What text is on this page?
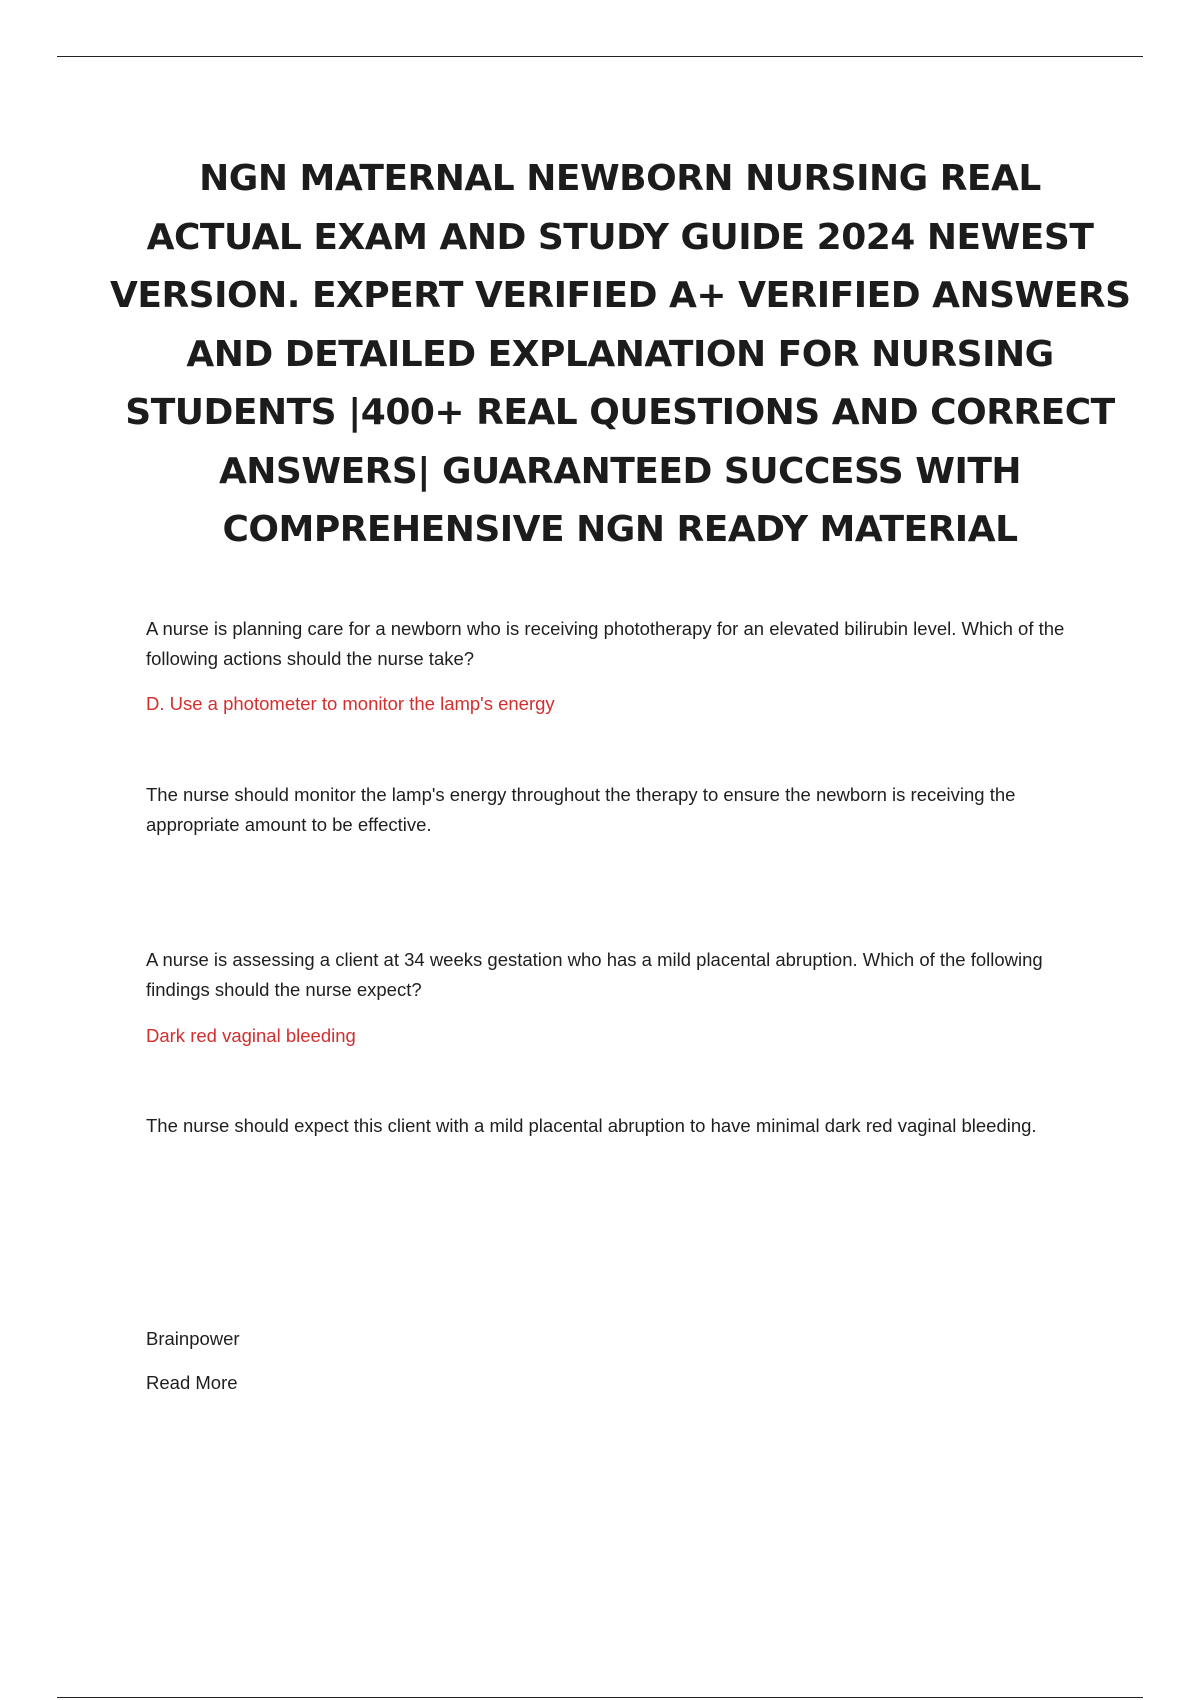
NGN MATERNAL NEWBORN NURSING REAL
ACTUAL EXAM AND STUDY GUIDE 2024 NEWEST
VERSION. EXPERT VERIFIED A+ VERIFIED ANSWERS
AND DETAILED EXPLANATION FOR NURSING
STUDENTS |400+ REAL QUESTIONS AND CORRECT
ANSWERS| GUARANTEED SUCCESS WITH
COMPREHENSIVE NGN READY MATERIAL

A nurse is planning care for a newborn who is receiving phototherapy for an elevated bilirubin level. Which of the following actions should the nurse take?

D. Use a photometer to monitor the lamp's energy

The nurse should monitor the lamp's energy throughout the therapy to ensure the newborn is receiving the appropriate amount to be effective.

A nurse is assessing a client at 34 weeks gestation who has a mild placental abruption. Which of the following findings should the nurse expect?

Dark red vaginal bleeding

The nurse should expect this client with a mild placental abruption to have minimal dark red vaginal bleeding.

Brainpower

Read More
